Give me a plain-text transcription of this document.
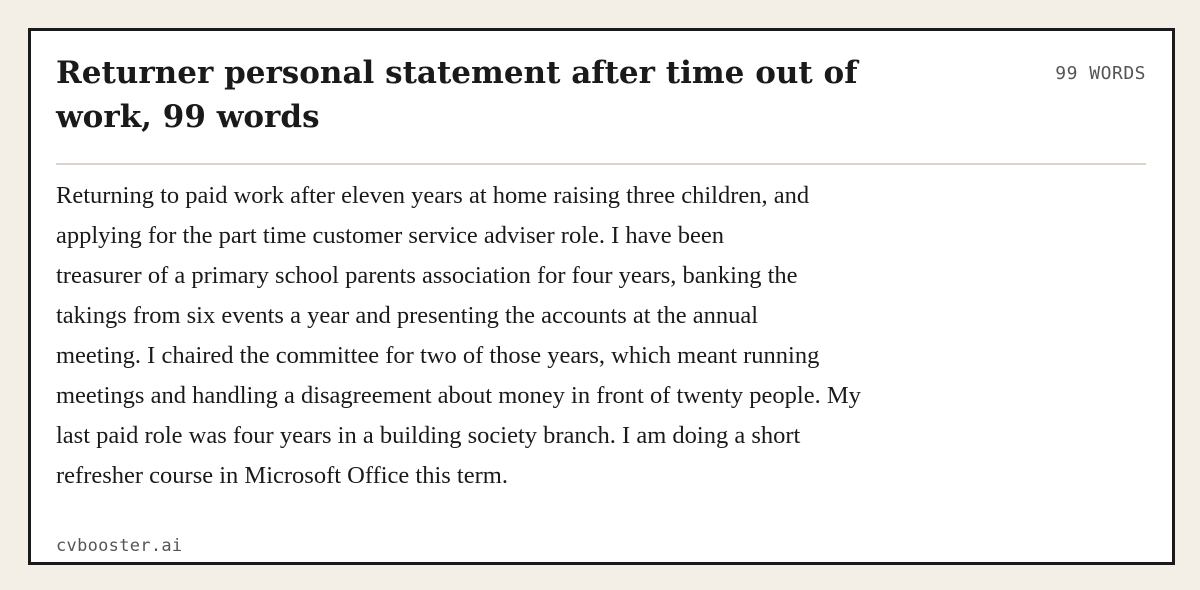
Returner personal statement after time out of work, 99 words
99 WORDS

Returning to paid work after eleven years at home raising three children, and
applying for the part time customer service adviser role. I have been
treasurer of a primary school parents association for four years, banking the
takings from six events a year and presenting the accounts at the annual
meeting. I chaired the committee for two of those years, which meant running
meetings and handling a disagreement about money in front of twenty people. My
last paid role was four years in a building society branch. I am doing a short
refresher course in Microsoft Office this term.

cvbooster.ai
